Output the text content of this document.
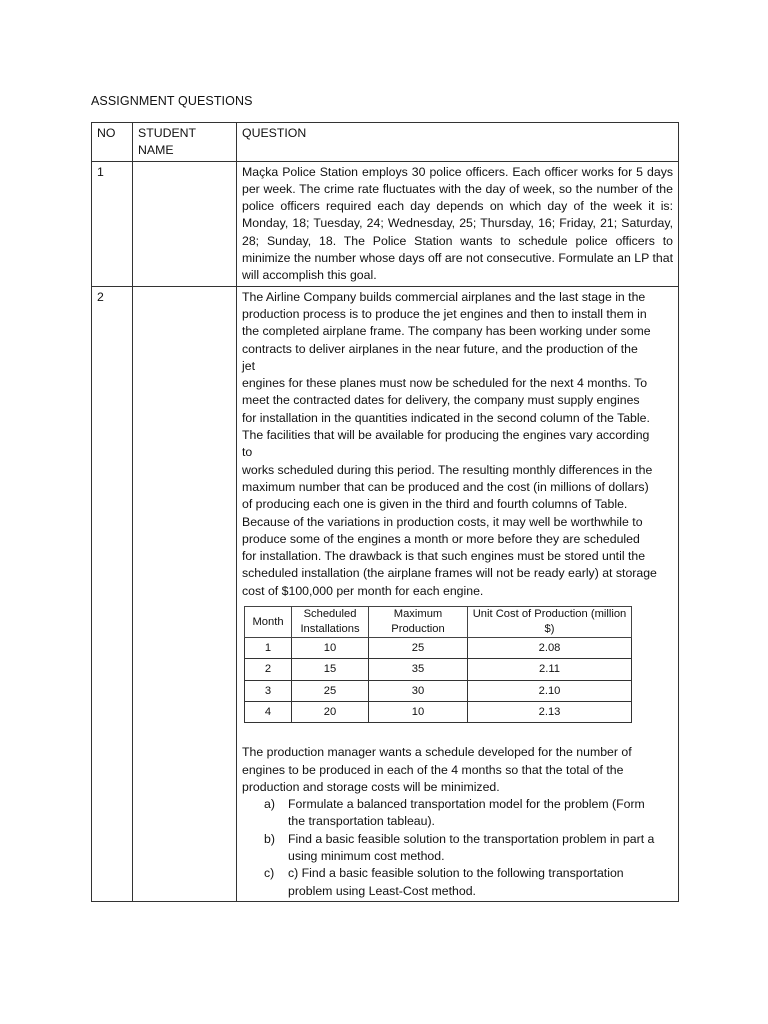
ASSIGNMENT QUESTIONS
NO	STUDENT NAME	QUESTION
1		Maçka Police Station employs 30 police officers. Each officer works for 5 days per week. The crime rate fluctuates with the day of week, so the number of the police officers required each day depends on which day of the week it is: Monday, 18; Tuesday, 24; Wednesday, 25; Thursday, 16; Friday, 21; Saturday, 28; Sunday, 18. The Police Station wants to schedule police officers to minimize the number whose days off are not consecutive. Formulate an LP that will accomplish this goal.
2		The Airline Company builds commercial airplanes and the last stage in the

production process is to produce the jet engines and then to install them in

the completed airplane frame. The company has been working under some

contracts to deliver airplanes in the near future, and the production of the

jet

engines for these planes must now be scheduled for the next 4 months. To

meet the contracted dates for delivery, the company must supply engines

for installation in the quantities indicated in the second column of the Table.

The facilities that will be available for producing the engines vary according

to

works scheduled during this period. The resulting monthly differences in the

maximum number that can be produced and the cost (in millions of dollars)

of producing each one is given in the third and fourth columns of Table.

Because of the variations in production costs, it may well be worthwhile to

produce some of the engines a month or more before they are scheduled

for installation. The drawback is that such engines must be stored until the

scheduled installation (the airplane frames will not be ready early) at storage

cost of $100,000 per month for each engine.

Month	Scheduled Installations	Maximum Production	Unit Cost of Production (million $)
1	10	25	2.08
2	15	35	2.11
3	25	30	2.10
4	20	10	2.13

The production manager wants a schedule developed for the number of

engines to be produced in each of the 4 months so that the total of the

production and storage costs will be minimized.

a) Formulate a balanced transportation model for the problem (Form

the transportation tableau).

b) Find a basic feasible solution to the transportation problem in part a

using minimum cost method.

c) c) Find a basic feasible solution to the following transportation

problem using Least-Cost method.
